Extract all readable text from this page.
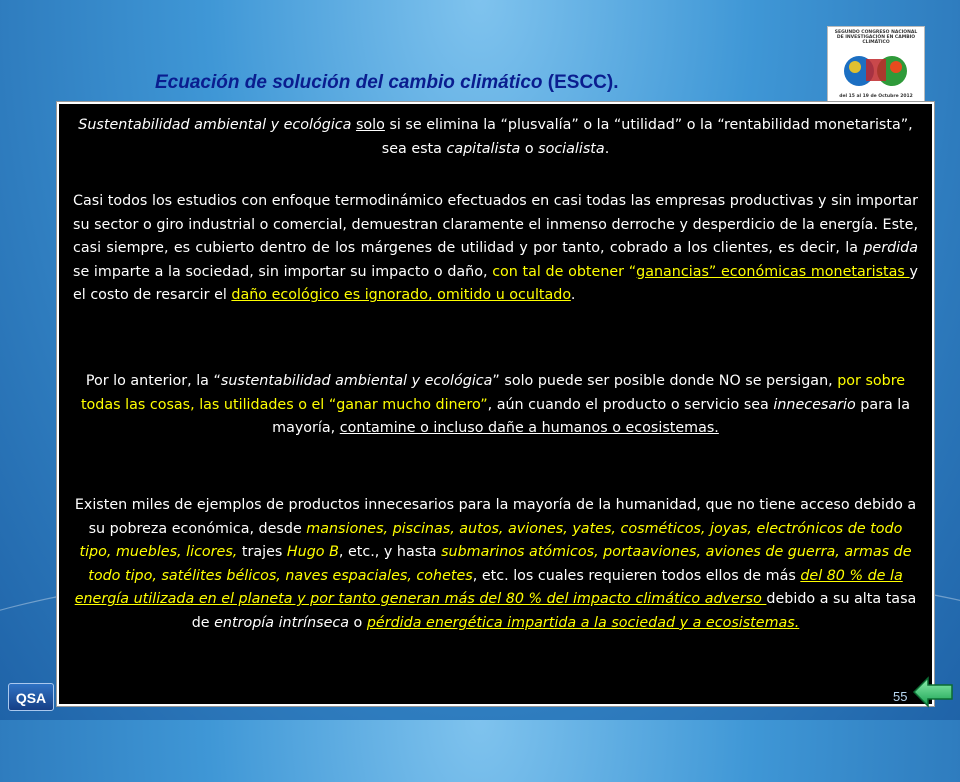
Ecuación de solución del cambio climático (ESCC).
SEGUNDO CONGRESO NACIONAL DE INVESTIGACIÓN EN CAMBIO CLIMÁTICO
del 15 al 19 de Octubre 2012

Sustentabilidad ambiental y ecológica solo si se elimina la “plusvalía” o la “utilidad” o la “rentabilidad monetarista”, sea esta capitalista o socialista.

Casi todos los estudios con enfoque termodinámico efectuados en casi todas las empresas productivas y sin importar su sector o giro industrial o comercial, demuestran claramente el inmenso derroche y desperdicio de la energía. Este, casi siempre, es cubierto dentro de los márgenes de utilidad y por tanto, cobrado a los clientes, es decir, la perdida se imparte a la sociedad, sin importar su impacto o daño, con tal de obtener “ganancias” económicas monetaristas y el costo de resarcir el daño ecológico es ignorado, omitido u ocultado.

Por lo anterior, la “sustentabilidad ambiental y ecológica” solo puede ser posible donde NO se persigan, por sobre todas las cosas, las utilidades o el “ganar mucho dinero”, aún cuando el producto o servicio sea innecesario para la mayoría, contamine o incluso dañe a humanos o ecosistemas.

Existen miles de ejemplos de productos innecesarios para la mayoría de la humanidad, que no tiene acceso debido a su pobreza económica, desde mansiones, piscinas, autos, aviones, yates, cosméticos, joyas, electrónicos de todo tipo, muebles, licores, trajes Hugo B, etc., y hasta submarinos atómicos, portaaviones, aviones de guerra, armas de todo tipo, satélites bélicos, naves espaciales, cohetes, etc. los cuales requieren todos ellos de más del 80 % de la energía utilizada en el planeta y por tanto generan más del 80 % del impacto climático adverso debido a su alta tasa de entropía intrínseca o pérdida energética impartida a la sociedad y a ecosistemas.

QSA	55
